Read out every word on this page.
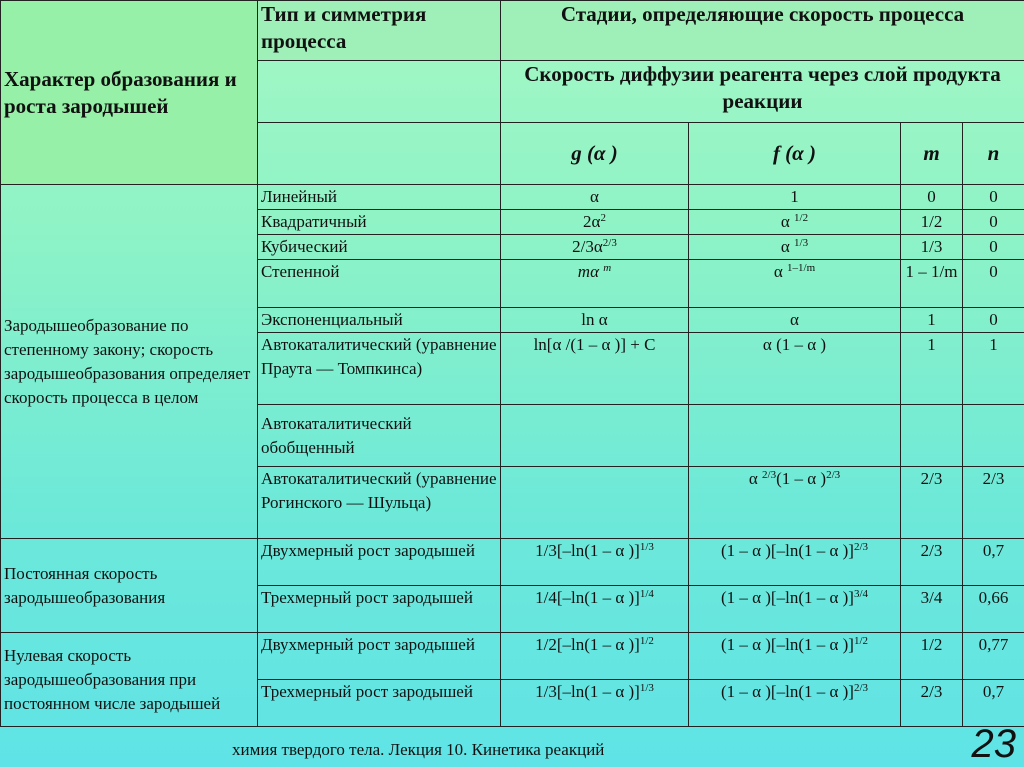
Характер образования и роста зародышей	Тип и симметрия процесса	Стадии, определяющие скорость процесса			
		Скорость диффузии реагента через слой продукта реакции			
		g (α )	f (α )	m	n
Зародышеобразование по степенному закону; скорость зародышеобразования определяет скорость процесса в целом	Линейный	α	1	0	0
	Квадратичный	$2\alpha^2$	α $^{1/2}$	1/2	0
	Кубический	$2/3\alpha^{2/3}$	α $^{1/3}$	1/3	0
	Степенной	mα $^m$	α $^{1-1/m}$	1 – 1/m	0
	Экспоненциальный	ln α	α	1	0
	Автокаталитический (уравнение Праута — Томпкинса)	ln[α /(1 – α )] + C	α (1 – α )	1	1
	Автокаталитический обобщенный				
	Автокаталитический (уравнение Рогинского — Шульца)		α $^{2/3}$(1 – α )$^{2/3}$	2/3	2/3
Постоянная скорость зародышеобразования	Двухмерный рост зародышей	1/3[–ln(1 – α )]$^{1/3}$	(1 – α )[–ln(1 – α )]$^{2/3}$	2/3	0,7
	Трехмерный рост зародышей	1/4[–ln(1 – α )]$^{1/4}$	(1 – α )[–ln(1 – α )]$^{3/4}$	3/4	0,66
Нулевая скорость зародышеобразования при постоянном числе зародышей	Двухмерный рост зародышей	1/2[–ln(1 – α )]$^{1/2}$	(1 – α )[–ln(1 – α )]$^{1/2}$	1/2	0,77
	Трехмерный рост зародышей	1/3[–ln(1 – α )]$^{1/3}$	(1 – α )[–ln(1 – α )]$^{2/3}$	2/3	0,7
химия твердого тела. Лекция 10. Кинетика реакций	23
